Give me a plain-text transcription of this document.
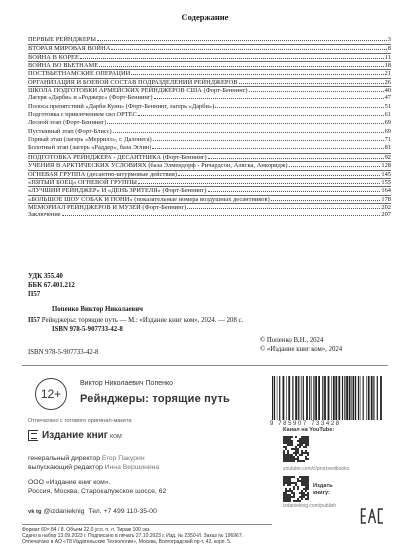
Содержание
ПЕРВЫЕ РЕЙНДЖЕРЫ	3
ВТОРАЯ МИРОВАЯ ВОЙНА	8
ВОЙНА В КОРЕЕ	11
ВОЙНА ВО ВЬЕТНАМЕ	18
ПОСТВЬЕТНАМСКИЕ ОПЕРАЦИИ	21
ОРГАНИЗАЦИЯ И БОЕВОЙ СОСТАВ ПОДРАЗДЕЛЕНИЙ РЕЙНДЖЕРОВ	26
ШКОЛА ПОДГОТОВКИ АРМЕЙСКИХ РЕЙНДЖЕРОВ США (Форт-Беннинг)	40
Лагеря «Дарби» и «Роджерс» (Форт-Беннинг)	47
Полоса препятствий «Дарби Куин» (Форт-Беннинг, лагерь «Дарби»)	51
Подготовка с привлечением сил ОРТЕС	61
Лесной этап (Форт-Беннинг)	69
Пустынный этап (Форт-Блисс)	69
Горный этап (лагерь «Меррилл», г. Далонега)	71
Болотный этап (лагерь «Раддер», база Эглин)	81
ПОДГОТОВКА РЕЙНДЖЕРА - ДЕСАНТНИКА (Форт-Беннинг)	92
УЧЕНИЯ В АРКТИЧЕСКИХ УСЛОВИЯХ (база Элмендорф - Ричардсон, Аляска, Анкоридж)	128
ОГНЕВАЯ ГРУППА (десантно-штурмовые действия)	145
«ПЯТЫЙ БОЕЦ» ОГНЕВОЙ ГРУППЫ	155
«ЛУЧШИЙ РЕЙНДЖЕР» И «ДЕНЬ ЗРИТЕЛЯ» (Форт-Беннинг)	164
«БОЛЬШОЕ ШОУ СОБАК И ПОНИ» (показательные номера воздушных десантников)	178
МЕМОРИАЛ РЕЙНДЖЕРОВ И МУЗЕЙ (Форт-Беннинг)	202
Заключение	207
УДК 355.40
ББК 67.401.212
П57
Попенко Виктор Николаевич
П57 Рейнджеры: торящие путь — М.: «Издание книг ком», 2024. — 208 с.
ISBN 978-5-907733-42-8
© Попенко В.Н., 2024
© «Издание книг ком», 2024
ISBN 978-5-907733-42-8
12+
Виктор Николаевич Попенко
Рейнджеры: торящие путь
9 785907 733428
Отпечатано с готового оригинал-макета
Издание книг ком
Канал на YouTube:
youtube.com/c/proizvedbooks
Издать
книгу:
izdanieknig.com/publish
генеральный директор Егор Пакурин
выпускающий редактор Инна Вершинина
ООО «Издание книг ком».
Россия, Москва, Старокалужское шоссе, 62
vk tg @izdanieknig Тел. +7 499 110-35-00
Формат 60× 84 / 8. Объем 22,0 усл. п. л. Тираж 100 экз.
Сдано в набор 13.09.2023 г. Подписано в печать 27.10.2023 г. Изд. № 2350-И. Заказ № 196967.
Отпечатано в АО «Т8 Издательские Технологии», Москва, Волгоградский пр-т, 42, корп. 5.
